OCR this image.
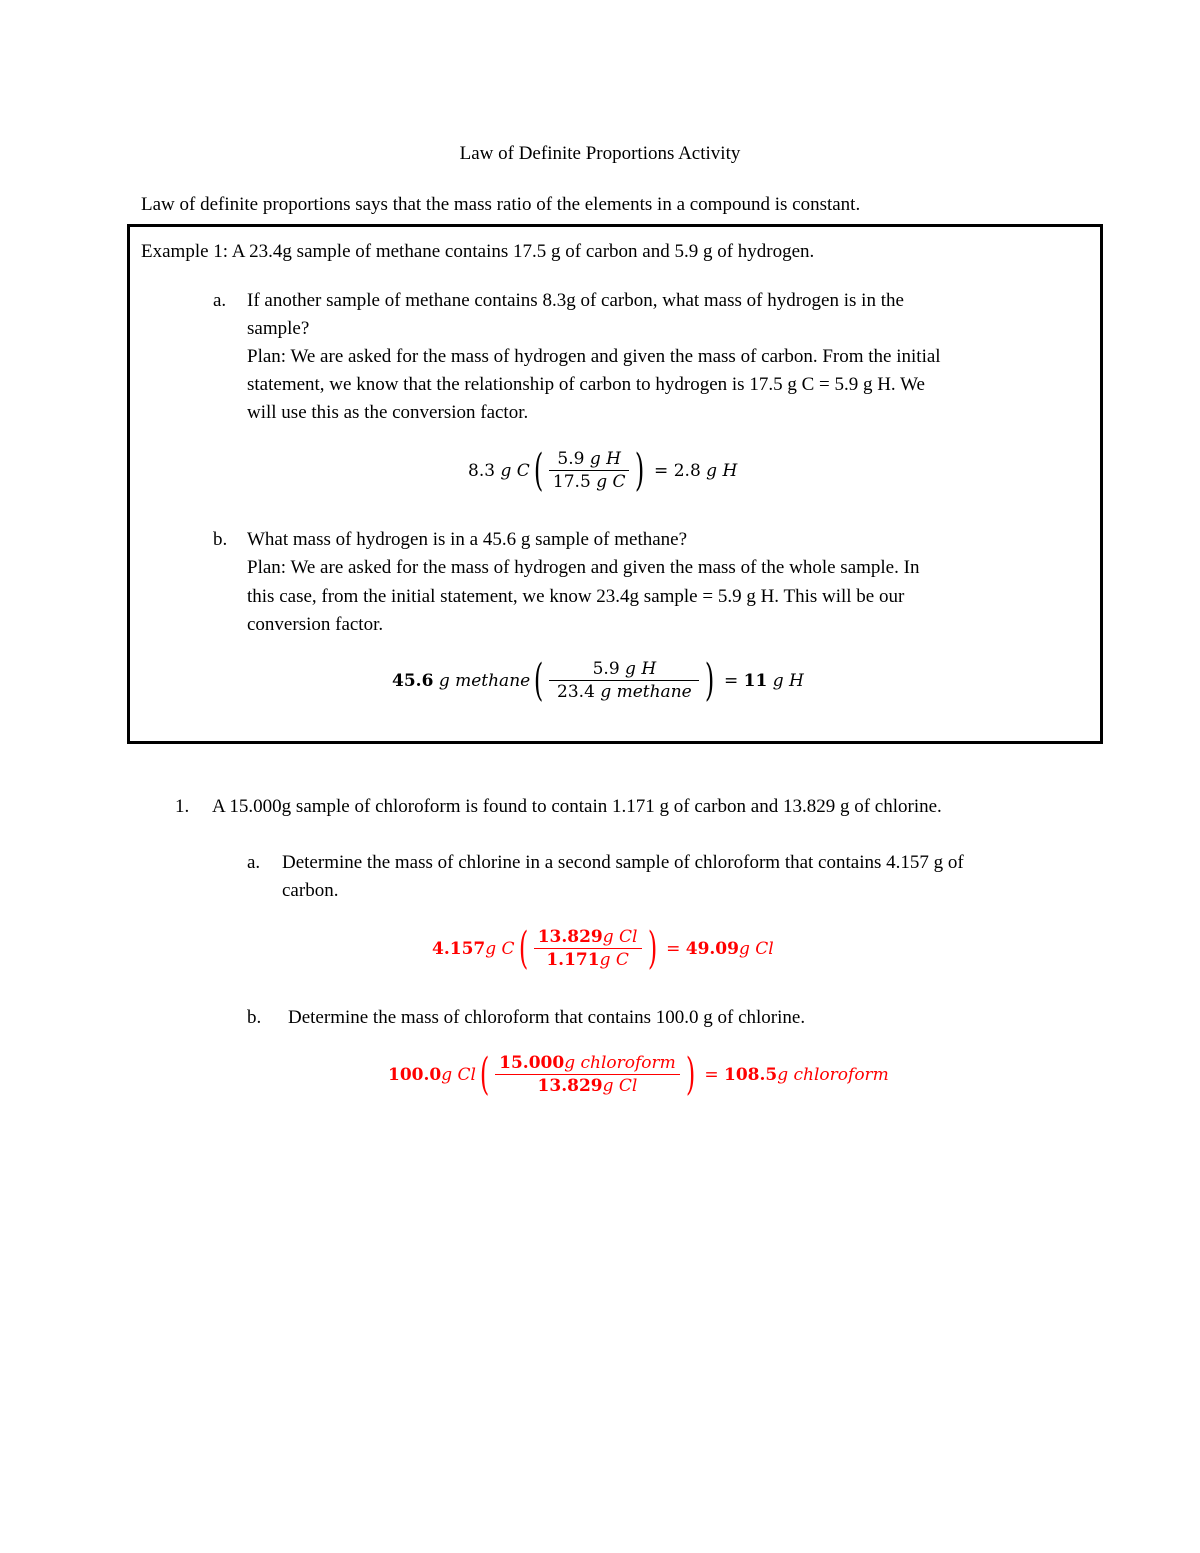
Law of Definite Proportions Activity
Law of definite proportions says that the mass ratio of the elements in a compound is constant.
Example 1: A 23.4g sample of methane contains 17.5 g of carbon and 5.9 g of hydrogen.
a. If another sample of methane contains 8.3g of carbon, what mass of hydrogen is in the
sample?
Plan: We are asked for the mass of hydrogen and given the mass of carbon. From the initial
statement, we know that the relationship of carbon to hydrogen is 17.5 g C = 5.9 g H. We
will use this as the conversion factor.
8.3
g C ( $\frac{\text{5.9 g H}}{\text{17.5 g C}}$ ) = 2.8
g H
b. What mass of hydrogen is in a 45.6 g sample of methane?
Plan: We are asked for the mass of hydrogen and given the mass of the whole sample. In
this case, from the initial statement, we know 23.4g sample = 5.9 g H. This will be our
conversion factor.
45.6
g methane ( $\frac{\text{5.9 g H}}{\text{23.4 g methane}}$ ) = 11
g H
1. A 15.000g sample of chloroform is found to contain 1.171 g of carbon and 13.829 g of chlorine.
a. Determine the mass of chlorine in a second sample of chloroform that contains 4.157 g of
carbon.
4.157 g C ( $\frac{\text{13.829g Cl}}{\text{1.171g C}}$ ) = 49.09 g Cl
b. Determine the mass of chloroform that contains 100.0 g of chlorine.
100.0 g Cl ( $\frac{\text{15.000g chloroform}}{\text{13.829g Cl}}$ ) = 108.5 g chloroform
